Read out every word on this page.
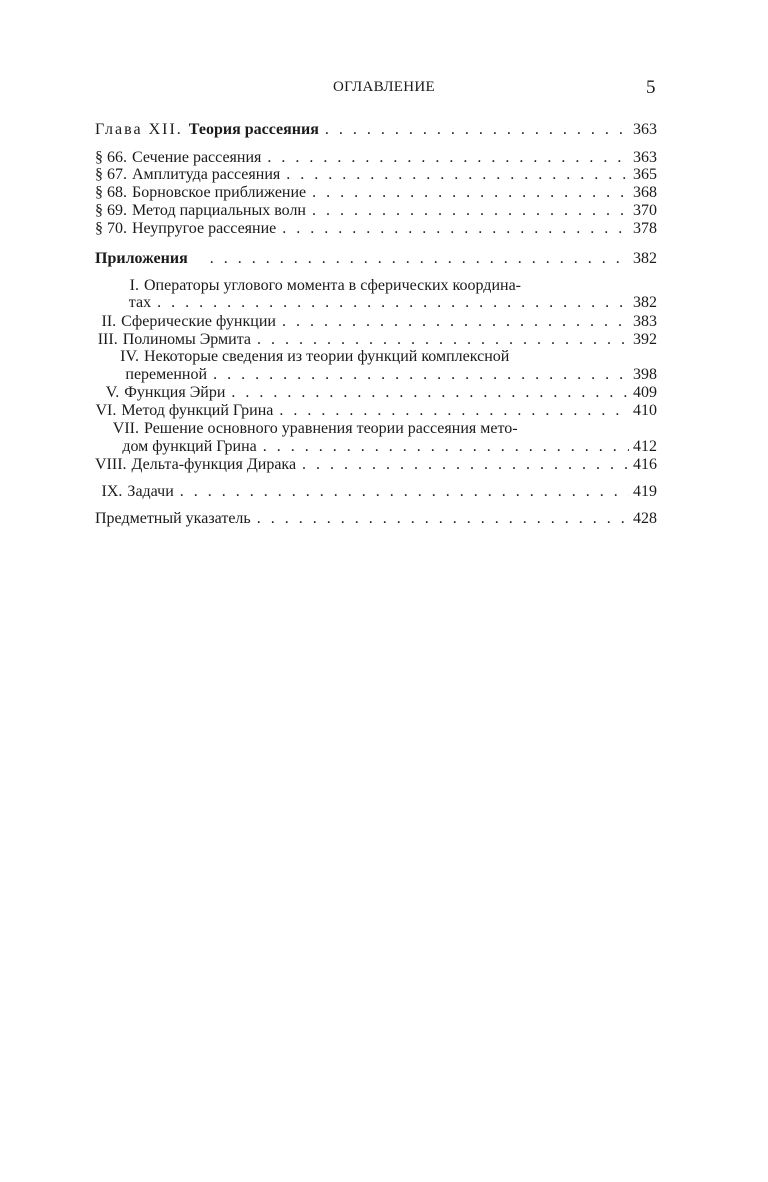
ОГЛАВЛЕНИЕ	5
Глава XII. Теория рассеяния . . .	363
§ 66. Сечение рассеяния . . .	363
§ 67. Амплитуда рассеяния . . .	365
§ 68. Борновское приближение . . .	368
§ 69. Метод парциальных волн . . .	370
§ 70. Неупругое рассеяние . . .	378
Приложения . . .	382
I. Операторы углового момента в сферических координа-
тах . . .	382
II. Сферические функции . . .	383
III. Полиномы Эрмита . . .	392
IV. Некоторые сведения из теории функций комплексной
переменной . . .	398
V. Функция Эйри . . .	409
VI. Метод функций Грина . . .	410
VII. Решение основного уравнения теории рассеяния мето-
дом функций Грина . . .	412
VIII. Дельта-функция Дирака . . .	416
IX. Задачи . . .	419
Предметный указатель . . .	428
